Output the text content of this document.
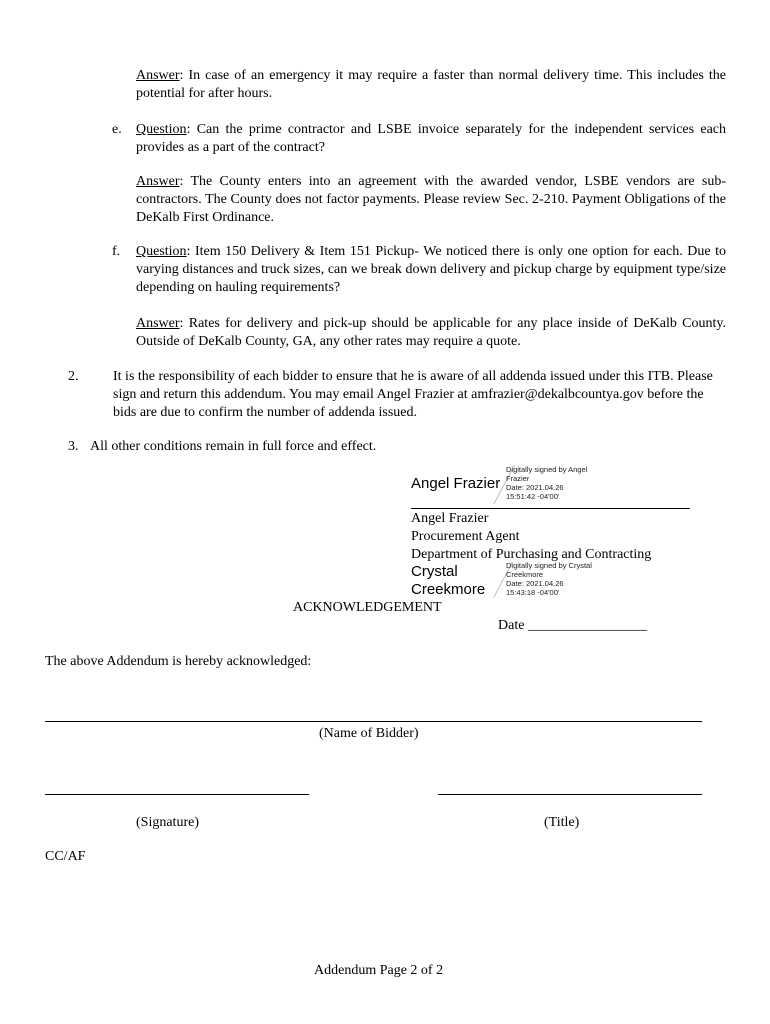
Answer: In case of an emergency it may require a faster than normal delivery time. This includes the potential for after hours.
e. Question: Can the prime contractor and LSBE invoice separately for the independent services each provides as a part of the contract?
Answer: The County enters into an agreement with the awarded vendor, LSBE vendors are sub-contractors. The County does not factor payments. Please review Sec. 2-210. Payment Obligations of the DeKalb First Ordinance.
f. Question: Item 150 Delivery & Item 151 Pickup- We noticed there is only one option for each. Due to varying distances and truck sizes, can we break down delivery and pickup charge by equipment type/size depending on hauling requirements?
Answer: Rates for delivery and pick-up should be applicable for any place inside of DeKalb County. Outside of DeKalb County, GA, any other rates may require a quote.
2. It is the responsibility of each bidder to ensure that he is aware of all addenda issued under this ITB. Please sign and return this addendum. You may email Angel Frazier at amfrazier@dekalbcountya.gov before the bids are due to confirm the number of addenda issued.
3. All other conditions remain in full force and effect.
Angel Frazier
Digitally signed by Angel
Frazier
Date: 2021.04.26
15:51:42 -04'00'
Angel Frazier
Procurement Agent
Department of Purchasing and Contracting
Crystal
Creekmore
Digitally signed by Crystal
Creekmore
Date: 2021.04.26
15:43:18 -04'00'
ACKNOWLEDGEMENT
Date _________________
The above Addendum is hereby acknowledged:
(Name of Bidder)
(Signature)	(Title)
CC/AF
Addendum Page 2 of 2
